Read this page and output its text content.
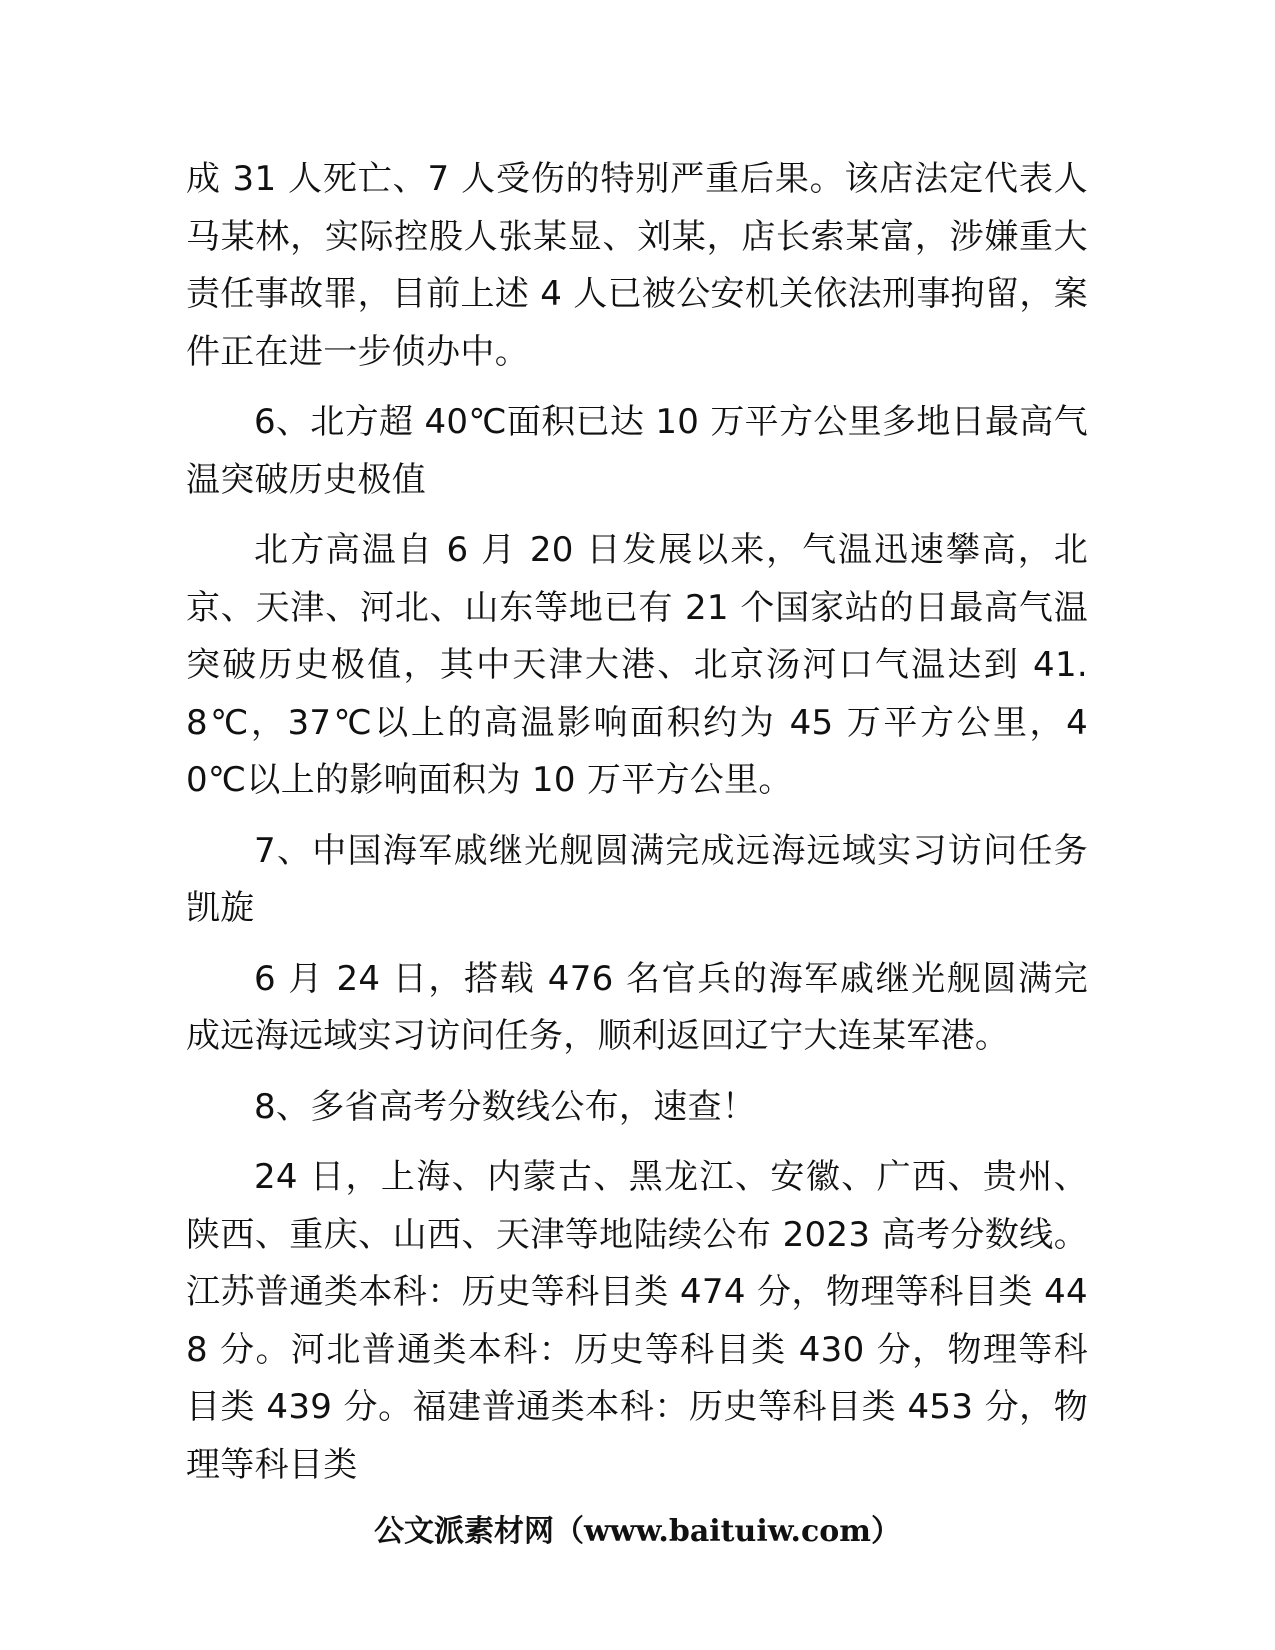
成 31 人死亡、7 人受伤的特别严重后果。该店法定代表人马某林，实际控股人张某显、刘某，店长索某富，涉嫌重大责任事故罪，目前上述 4 人已被公安机关依法刑事拘留，案件正在进一步侦办中。

6、北方超 40℃面积已达 10 万平方公里多地日最高气温突破历史极值

北方高温自 6 月 20 日发展以来，气温迅速攀高，北京、天津、河北、山东等地已有 21 个国家站的日最高气温突破历史极值，其中天津大港、北京汤河口气温达到 41.8℃，37℃以上的高温影响面积约为 45 万平方公里，40℃以上的影响面积为 10 万平方公里。

7、中国海军戚继光舰圆满完成远海远域实习访问任务凯旋

6 月 24 日，搭载 476 名官兵的海军戚继光舰圆满完成远海远域实习访问任务，顺利返回辽宁大连某军港。

8、多省高考分数线公布，速查！

24 日，上海、内蒙古、黑龙江、安徽、广西、贵州、陕西、重庆、山西、天津等地陆续公布 2023 高考分数线。江苏普通类本科：历史等科目类 474 分，物理等科目类 448 分。河北普通类本科：历史等科目类 430 分，物理等科目类 439 分。福建普通类本科：历史等科目类 453 分，物理等科目类

公文派素材网（www.baituiw.com）
